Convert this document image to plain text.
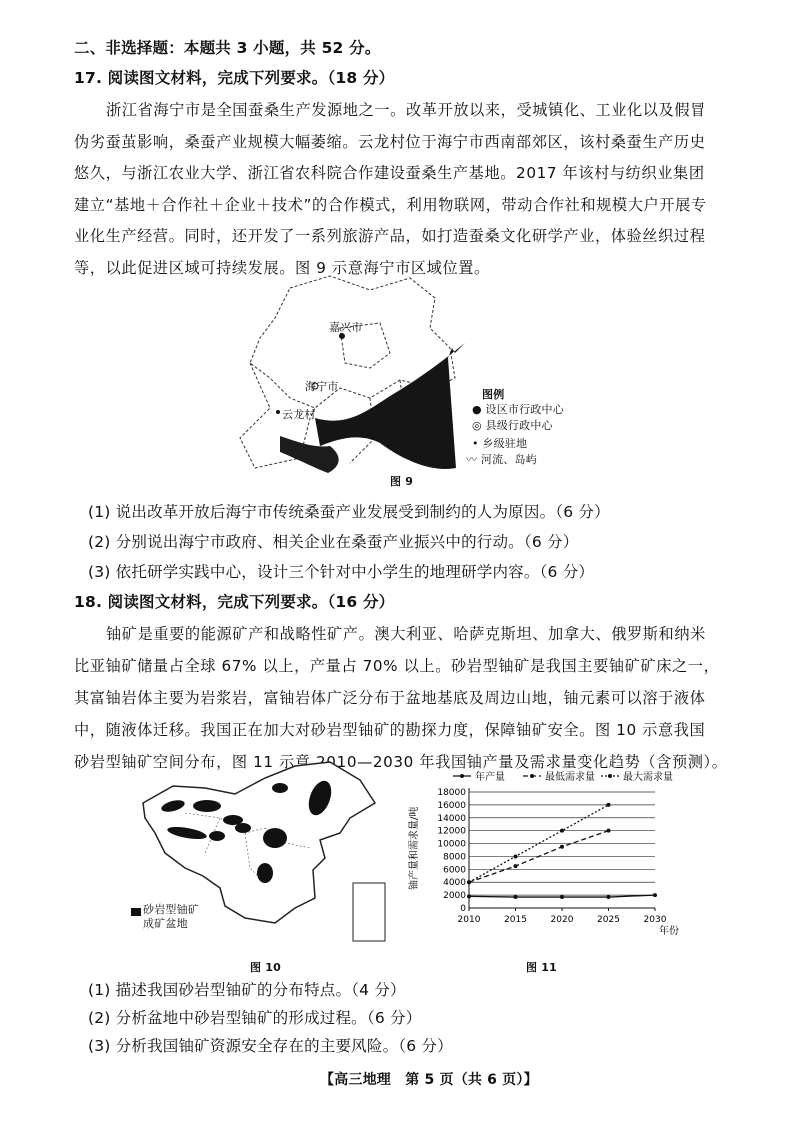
二、非选择题：本题共 3 小题，共 52 分。
17. 阅读图文材料，完成下列要求。（18 分）
浙江省海宁市是全国蚕桑生产发源地之一。改革开放以来，受城镇化、工业化以及假冒
伪劣蚕茧影响，桑蚕产业规模大幅萎缩。云龙村位于海宁市西南部郊区，该村桑蚕生产历史
悠久，与浙江农业大学、浙江省农科院合作建设蚕桑生产基地。2017 年该村与纺织业集团
建立“基地＋合作社＋企业＋技术”的合作模式，利用物联网，带动合作社和规模大户开展专
业化生产经营。同时，还开发了一系列旅游产品，如打造蚕桑文化研学产业，体验丝织过程
等，以此促进区域可持续发展。图 9 示意海宁市区域位置。
嘉兴市
海宁市
云龙村
图例
● 设区市行政中心
◎ 县级行政中心
• 乡级驻地
〰 河流、岛屿
图 9
(1) 说出改革开放后海宁市传统桑蚕产业发展受到制约的人为原因。（6 分）
(2) 分别说出海宁市政府、相关企业在桑蚕产业振兴中的行动。（6 分）
(3) 依托研学实践中心，设计三个针对中小学生的地理研学内容。（6 分）
18. 阅读图文材料，完成下列要求。（16 分）
铀矿是重要的能源矿产和战略性矿产。澳大利亚、哈萨克斯坦、加拿大、俄罗斯和纳米
比亚铀矿储量占全球 67% 以上，产量占 70% 以上。砂岩型铀矿是我国主要铀矿矿床之一，
其富铀岩体主要为岩浆岩，富铀岩体广泛分布于盆地基底及周边山地，铀元素可以溶于液体
中，随液体迁移。我国正在加大对砂岩型铀矿的勘探力度，保障铀矿安全。图 10 示意我国
砂岩型铀矿空间分布，图 11 示意 2010—2030 年我国铀产量及需求量变化趋势（含预测）。
砂岩型铀矿
成矿盆地
图 10
年产量	最低需求量	最大需求量
0
2000
4000
6000
8000
10000
12000
14000
16000
18000
2010	2015	2020	2025	2030
铀产量和需求量/吨
年份
图 11
(1) 描述我国砂岩型铀矿的分布特点。（4 分）
(2) 分析盆地中砂岩型铀矿的形成过程。（6 分）
(3) 分析我国铀矿资源安全存在的主要风险。（6 分）
【高三地理　第 5 页（共 6 页）】
